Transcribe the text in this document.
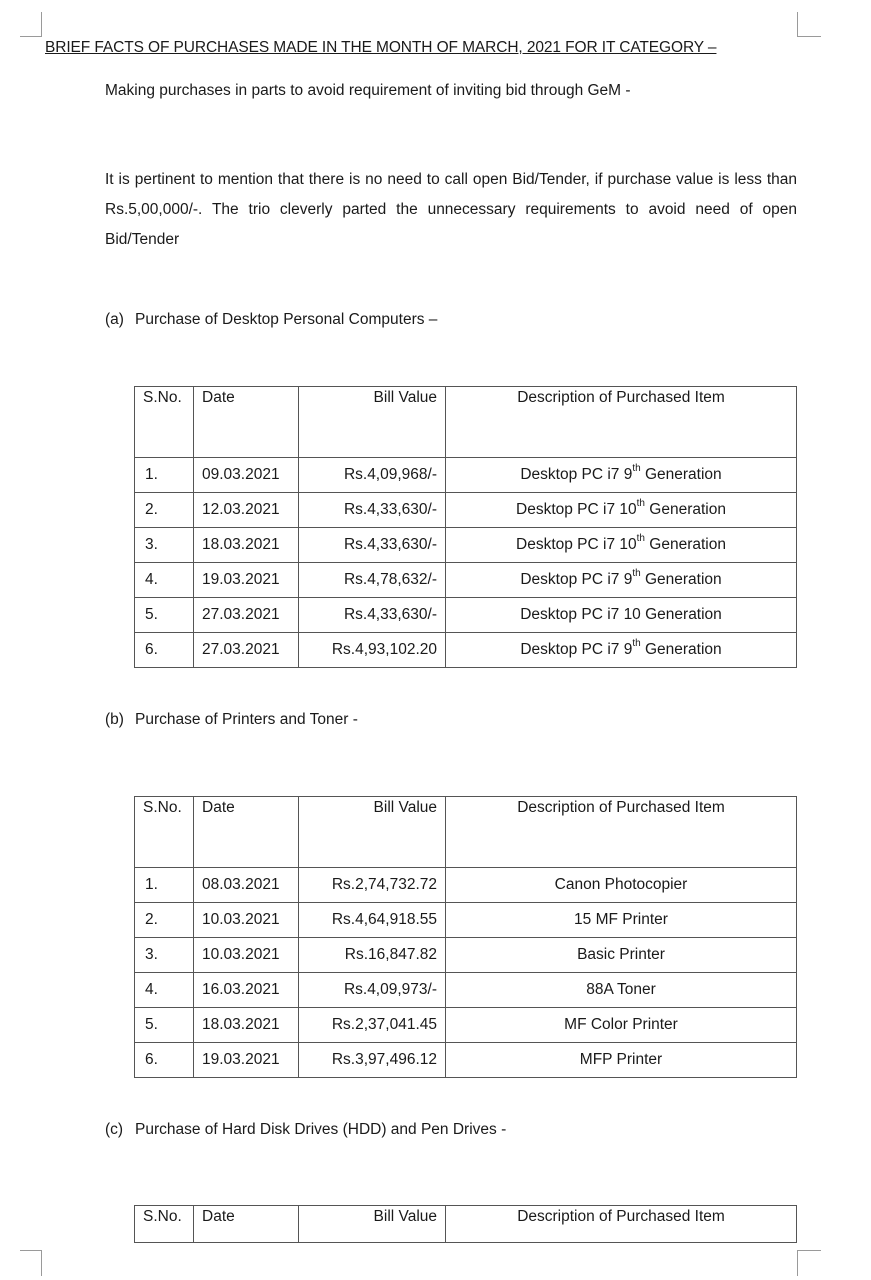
BRIEF FACTS OF PURCHASES MADE IN THE MONTH OF MARCH, 2021 FOR IT CATEGORY –
Making purchases in parts to avoid requirement of inviting bid through GeM -
It is pertinent to mention that there is no need to call open Bid/Tender, if purchase value is less than Rs.5,00,000/-. The trio cleverly parted the unnecessary requirements to avoid need of open Bid/Tender
(a) Purchase of Desktop Personal Computers –
S.No.	Date	Bill Value	Description of Purchased Item
1.	09.03.2021	Rs.4,09,968/-	Desktop PC i7 9th Generation
2.	12.03.2021	Rs.4,33,630/-	Desktop PC i7 10th Generation
3.	18.03.2021	Rs.4,33,630/-	Desktop PC i7 10th Generation
4.	19.03.2021	Rs.4,78,632/-	Desktop PC i7 9th Generation
5.	27.03.2021	Rs.4,33,630/-	Desktop PC i7 10 Generation
6.	27.03.2021	Rs.4,93,102.20	Desktop PC i7 9th Generation
(b) Purchase of Printers and Toner -
S.No.	Date	Bill Value	Description of Purchased Item
1.	08.03.2021	Rs.2,74,732.72	Canon Photocopier
2.	10.03.2021	Rs.4,64,918.55	15 MF Printer
3.	10.03.2021	Rs.16,847.82	Basic Printer
4.	16.03.2021	Rs.4,09,973/-	88A Toner
5.	18.03.2021	Rs.2,37,041.45	MF Color Printer
6.	19.03.2021	Rs.3,97,496.12	MFP Printer
(c) Purchase of Hard Disk Drives (HDD) and Pen Drives -
S.No.	Date	Bill Value	Description of Purchased Item
